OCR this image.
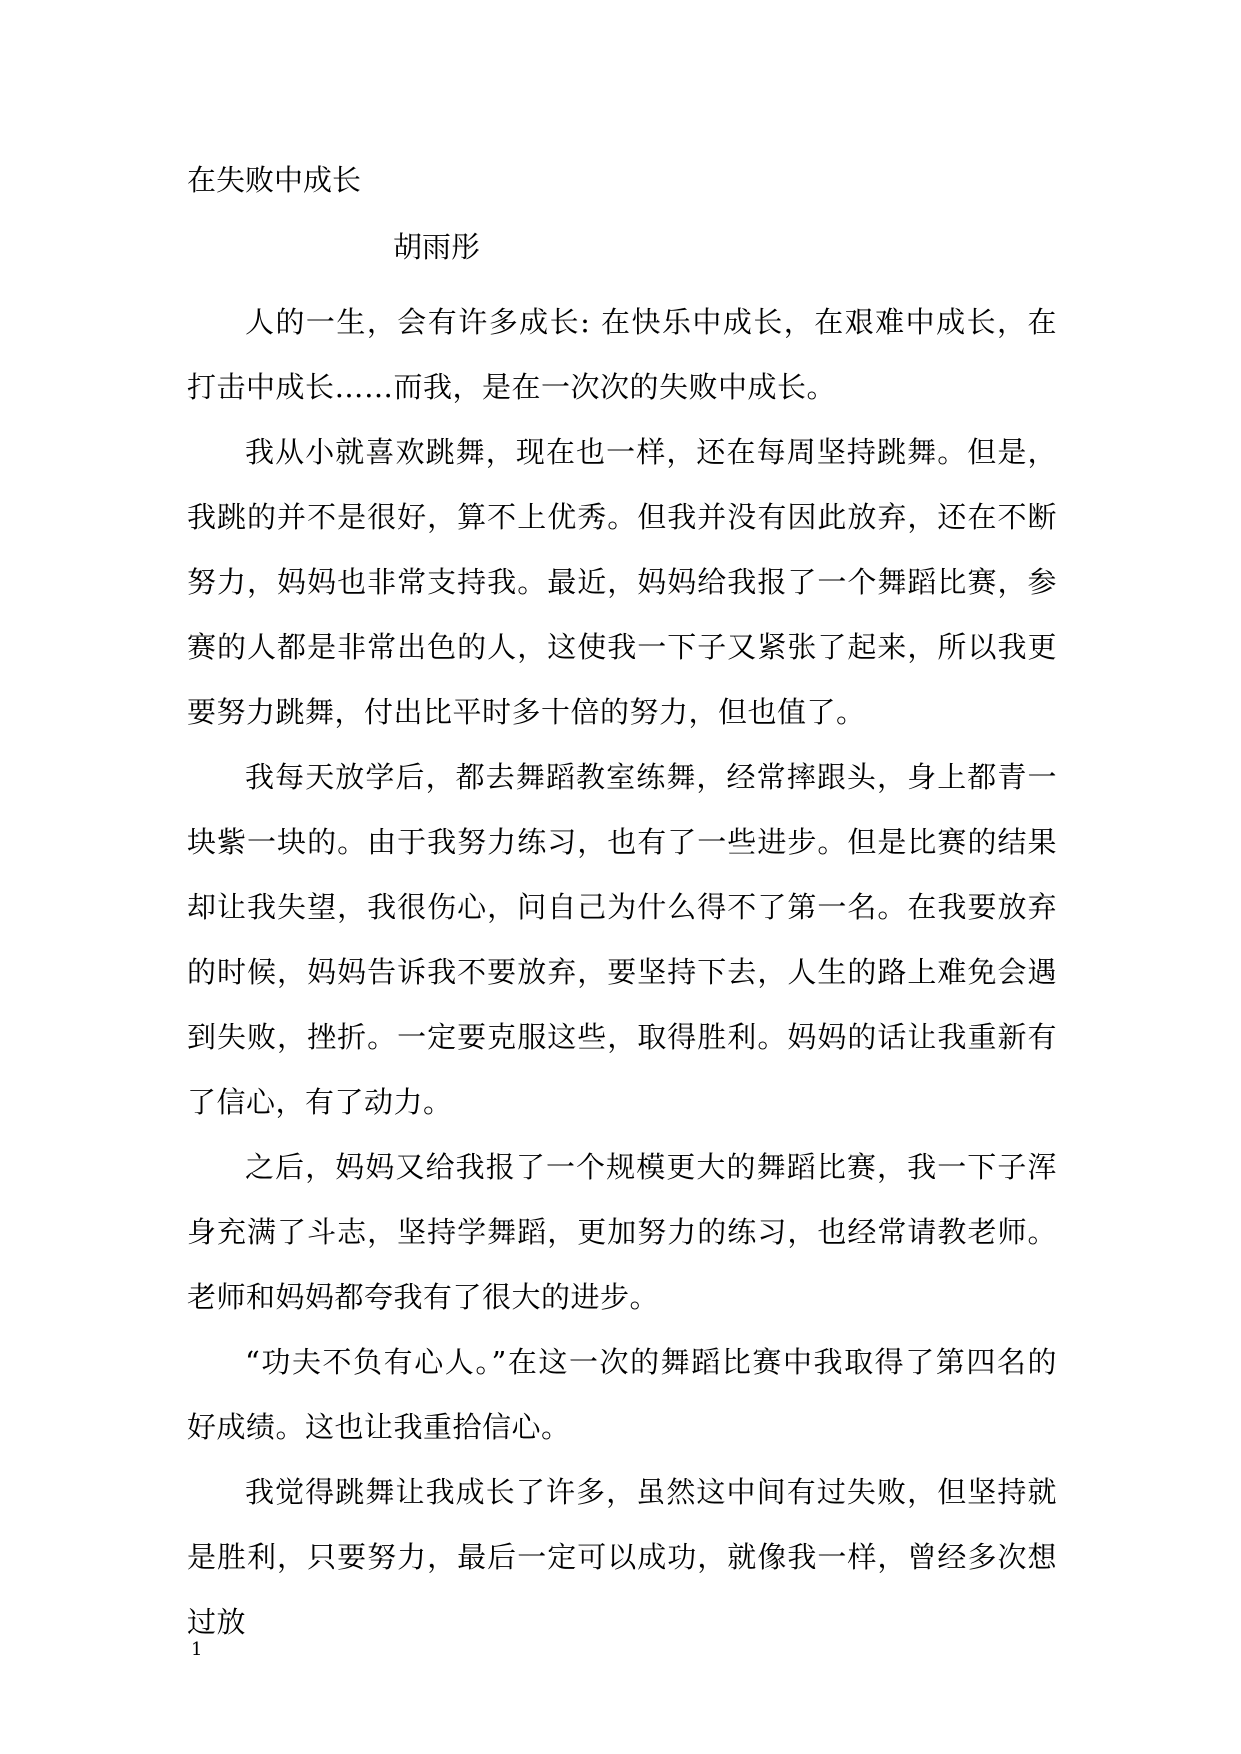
在失败中成长
胡雨彤

人的一生，会有许多成长: 在快乐中成长，在艰难中成长，在打击中成长……而我，是在一次次的失败中成长。

我从小就喜欢跳舞，现在也一样，还在每周坚持跳舞。但是，我跳的并不是很好，算不上优秀。但我并没有因此放弃，还在不断努力，妈妈也非常支持我。最近，妈妈给我报了一个舞蹈比赛，参赛的人都是非常出色的人，这使我一下子又紧张了起来，所以我更要努力跳舞，付出比平时多十倍的努力，但也值了。

我每天放学后，都去舞蹈教室练舞，经常摔跟头，身上都青一块紫一块的。由于我努力练习，也有了一些进步。但是比赛的结果却让我失望，我很伤心，问自己为什么得不了第一名。在我要放弃的时候，妈妈告诉我不要放弃，要坚持下去，人生的路上难免会遇到失败，挫折。一定要克服这些，取得胜利。妈妈的话让我重新有了信心，有了动力。

之后，妈妈又给我报了一个规模更大的舞蹈比赛，我一下子浑身充满了斗志，坚持学舞蹈，更加努力的练习，也经常请教老师。老师和妈妈都夸我有了很大的进步。

“功夫不负有心人。”在这一次的舞蹈比赛中我取得了第四名的好成绩。这也让我重拾信心。

我觉得跳舞让我成长了许多，虽然这中间有过失败，但坚持就是胜利，只要努力，最后一定可以成功，就像我一样，曾经多次想过放

1
